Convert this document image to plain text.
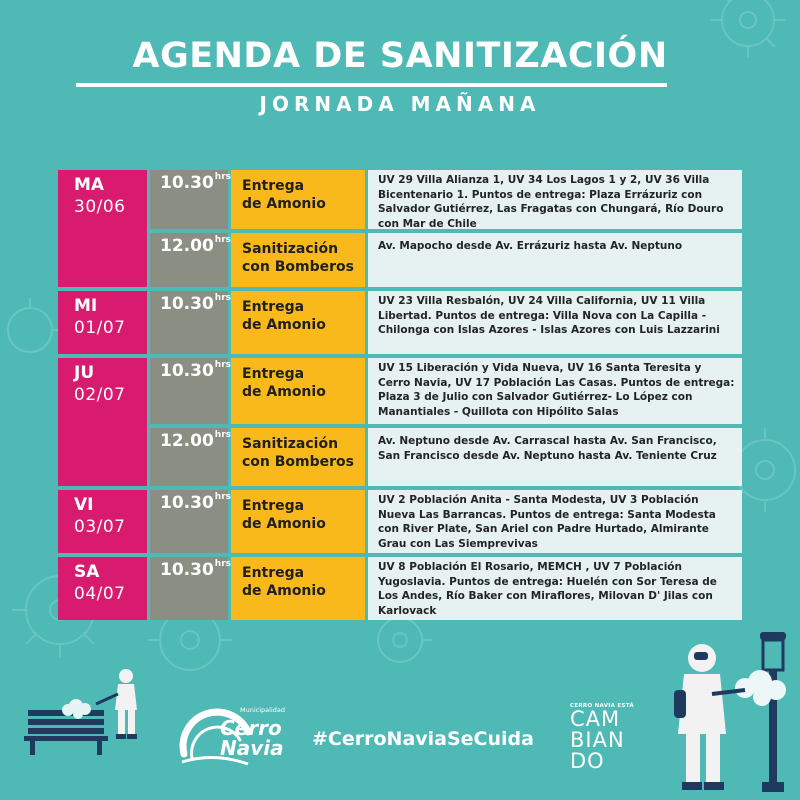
AGENDA DE SANITIZACIÓN
JORNADA MAÑANA
MA
30/06
MI
01/07
JU
02/07
VI
03/07
SA
04/07
$10.30^{hrs}$
Entrega
de Amonio
UV 29 Villa Alianza 1, UV 34 Los Lagos 1 y 2, UV 36 Villa Bicentenario 1. Puntos de entrega: Plaza Errázuriz con Salvador Gutiérrez, Las Fragatas con Chungará, Río Douro con Mar de Chile
$12.00^{hrs}$
Sanitización
con Bomberos
Av. Mapocho desde Av. Errázuriz hasta Av. Neptuno
$10.30^{hrs}$
Entrega
de Amonio
UV 23 Villa Resbalón, UV 24 Villa California, UV 11 Villa Libertad. Puntos de entrega: Villa Nova con La Capilla - Chilonga con Islas Azores - Islas Azores con Luis Lazzarini
$10.30^{hrs}$
Entrega
de Amonio
UV 15 Liberación y Vida Nueva, UV 16 Santa Teresita y Cerro Navia, UV 17 Población Las Casas. Puntos de entrega: Plaza 3 de Julio con Salvador Gutiérrez- Lo López con Manantiales - Quillota con Hipólito Salas
$12.00^{hrs}$
Sanitización
con Bomberos
Av. Neptuno desde Av. Carrascal hasta Av. San Francisco, San Francisco desde Av. Neptuno hasta Av. Teniente Cruz
$10.30^{hrs}$
Entrega
de Amonio
UV 2 Población Anita - Santa Modesta, UV 3 Población Nueva Las Barrancas. Puntos de entrega: Santa Modesta con River Plate, San Ariel con Padre Hurtado, Almirante Grau con Las Siempreviva​s
$10.30^{hrs}$
Entrega
de Amonio
UV 8 Población El Rosario, MEMCH , UV 7 Población Yugoslavia. Puntos de entrega: Huelén con Sor Teresa de Los Andes, Río Baker con Miraflores, Milovan D' Jilas con Karlovack
Municipalidad
Cerro
Navia #CerroNaviaSeCuida
CERRO NAVIA ESTÁ
CAM
BIAN
DO
